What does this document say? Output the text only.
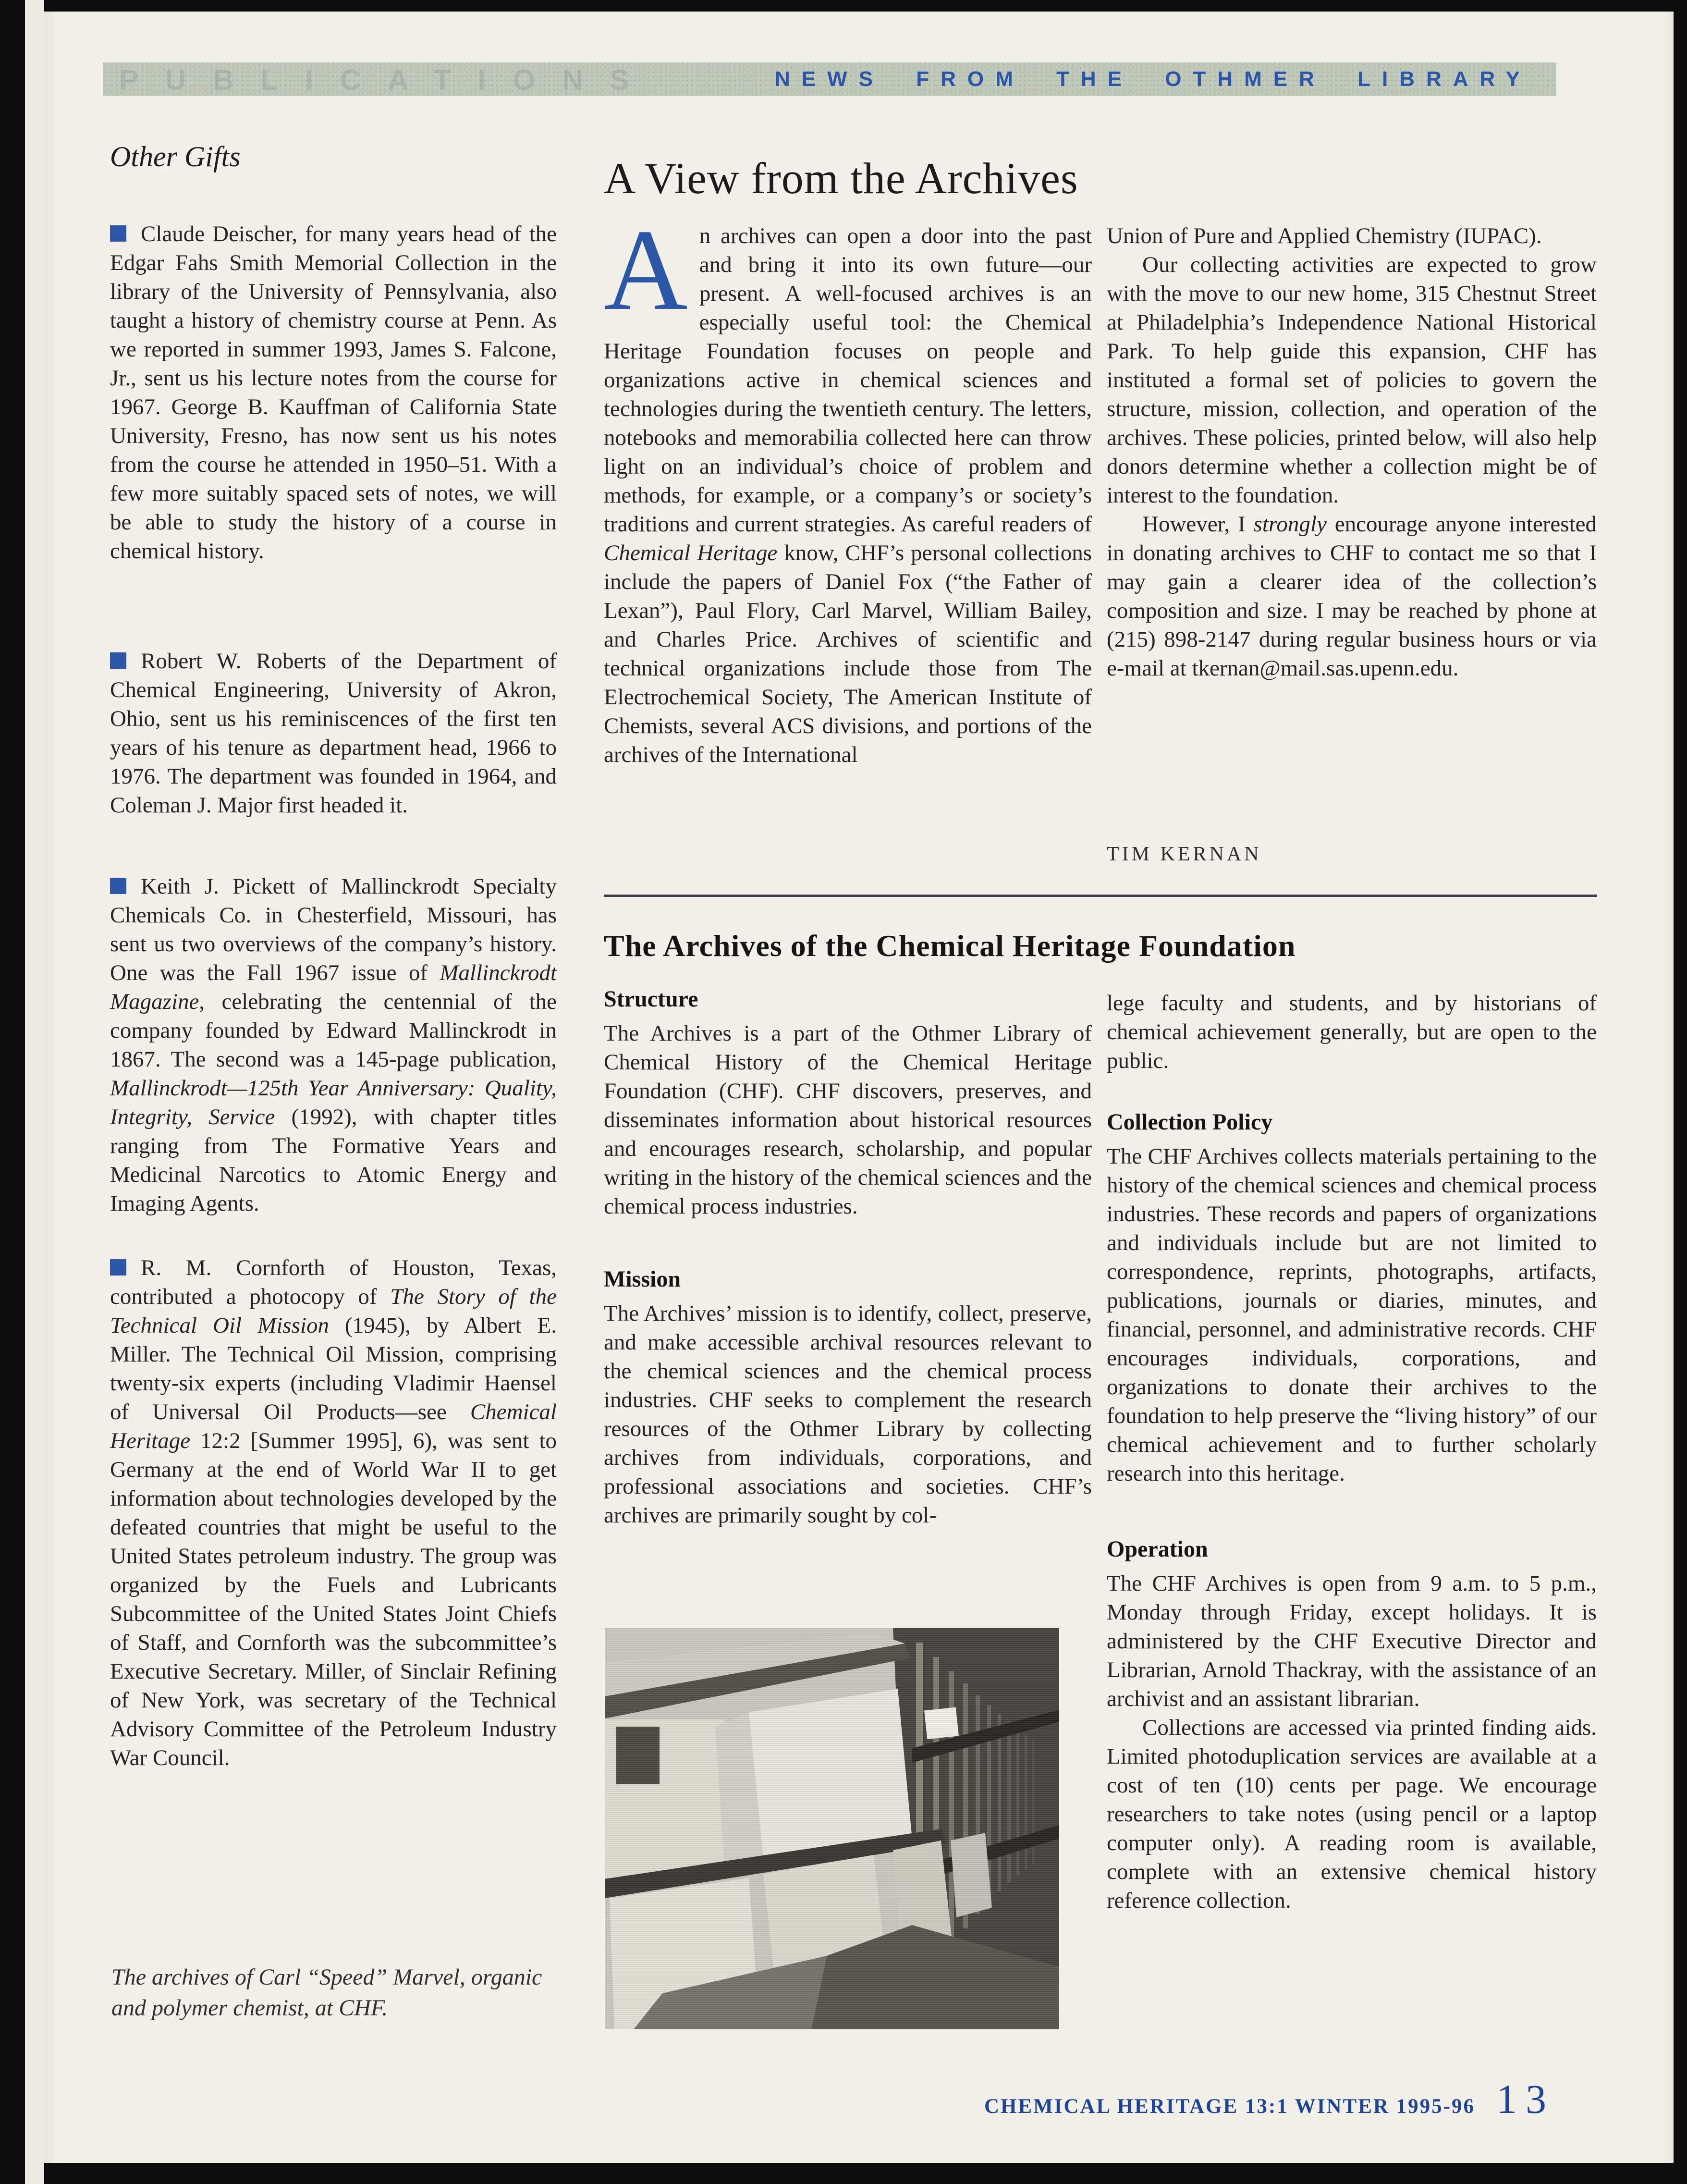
PUBLICATIONS	NEWS FROM THE OTHMER LIBRARY
Other Gifts

Claude Deischer, for many years head of the Edgar Fahs Smith Memorial Collection in the library of the University of Pennsylvania, also taught a history of chemistry course at Penn. As we reported in summer 1993, James S. Falcone, Jr., sent us his lecture notes from the course for 1967. George B. Kauffman of California State University, Fresno, has now sent us his notes from the course he attended in 1950–51. With a few more suitably spaced sets of notes, we will be able to study the history of a course in chemical history.

Robert W. Roberts of the Department of Chemical Engineering, University of Akron, Ohio, sent us his reminiscences of the first ten years of his tenure as department head, 1966 to 1976. The department was founded in 1964, and Coleman J. Major first headed it.

Keith J. Pickett of Mallinckrodt Specialty Chemicals Co. in Chesterfield, Missouri, has sent us two overviews of the company’s history. One was the Fall 1967 issue of Mallinckrodt Magazine, celebrating the centennial of the company founded by Edward Mallinckrodt in 1867. The second was a 145-page publication, Mallinckrodt—125th Year Anniversary: Quality, Integrity, Service (1992), with chapter titles ranging from The Formative Years and Medicinal Narcotics to Atomic Energy and Imaging Agents.

R. M. Cornforth of Houston, Texas, contributed a photocopy of The Story of the Technical Oil Mission (1945), by Albert E. Miller. The Technical Oil Mission, comprising twenty-six experts (including Vladimir Haensel of Universal Oil Products—see Chemical Heritage 12:2 [Summer 1995], 6), was sent to Germany at the end of World War II to get information about technologies developed by the defeated countries that might be useful to the United States petroleum industry. The group was organized by the Fuels and Lubricants Subcommittee of the United States Joint Chiefs of Staff, and Cornforth was the subcommittee’s Executive Secretary. Miller, of Sinclair Refining of New York, was secretary of the Technical Advisory Committee of the Petroleum Industry War Council.

The archives of Carl “Speed” Marvel, organic and polymer chemist, at CHF.

A View from the Archives

An archives can open a door into the past and bring it into its own future—our present. A well-focused archives is an especially useful tool: the Chemical Heritage Foundation focuses on people and organizations active in chemical sciences and technologies during the twentieth century. The letters, notebooks and memorabilia collected here can throw light on an individual’s choice of problem and methods, for example, or a company’s or society’s traditions and current strategies. As careful readers of Chemical Heritage know, CHF’s personal collections include the papers of Daniel Fox (“the Father of Lexan”), Paul Flory, Carl Marvel, William Bailey, and Charles Price. Archives of scientific and technical organizations include those from The Electrochemical Society, The American Institute of Chemists, several ACS divisions, and portions of the archives of the International

Union of Pure and Applied Chemistry (IUPAC).

Our collecting activities are expected to grow with the move to our new home, 315 Chestnut Street at Philadelphia’s Independence National Historical Park. To help guide this expansion, CHF has instituted a formal set of policies to govern the structure, mission, collection, and operation of the archives. These policies, printed below, will also help donors determine whether a collection might be of interest to the foundation.

However, I strongly encourage anyone interested in donating archives to CHF to contact me so that I may gain a clearer idea of the collection’s composition and size. I may be reached by phone at (215) 898-2147 during regular business hours or via e-mail at tkernan@mail.sas.upenn.edu.

TIM KERNAN

The Archives of the Chemical Heritage Foundation
Structure

The Archives is a part of the Othmer Library of Chemical History of the Chemical Heritage Foundation (CHF). CHF discovers, preserves, and disseminates information about historical resources and encourages research, scholarship, and popular writing in the history of the chemical sciences and the chemical process industries.

Mission

The Archives’ mission is to identify, collect, preserve, and make accessible archival resources relevant to the chemical sciences and the chemical process industries. CHF seeks to complement the research resources of the Othmer Library by collecting archives from individuals, corporations, and professional associations and societies. CHF’s archives are primarily sought by col-

lege faculty and students, and by historians of chemical achievement generally, but are open to the public.

Collection Policy

The CHF Archives collects materials pertaining to the history of the chemical sciences and chemical process industries. These records and papers of organizations and individuals include but are not limited to correspondence, reprints, photographs, artifacts, publications, journals or diaries, minutes, and financial, personnel, and administrative records. CHF encourages individuals, corporations, and organizations to donate their archives to the foundation to help preserve the “living history” of our chemical achievement and to further scholarly research into this heritage.

Operation

The CHF Archives is open from 9 a.m. to 5 p.m., Monday through Friday, except holidays. It is administered by the CHF Executive Director and Librarian, Arnold Thackray, with the assistance of an archivist and an assistant librarian.

Collections are accessed via printed finding aids. Limited photoduplication services are available at a cost of ten (10) cents per page. We encourage researchers to take notes (using pencil or a laptop computer only). A reading room is available, complete with an extensive chemical history reference collection.

CHEMICAL HERITAGE 13:1 WINTER 1995-96 13
